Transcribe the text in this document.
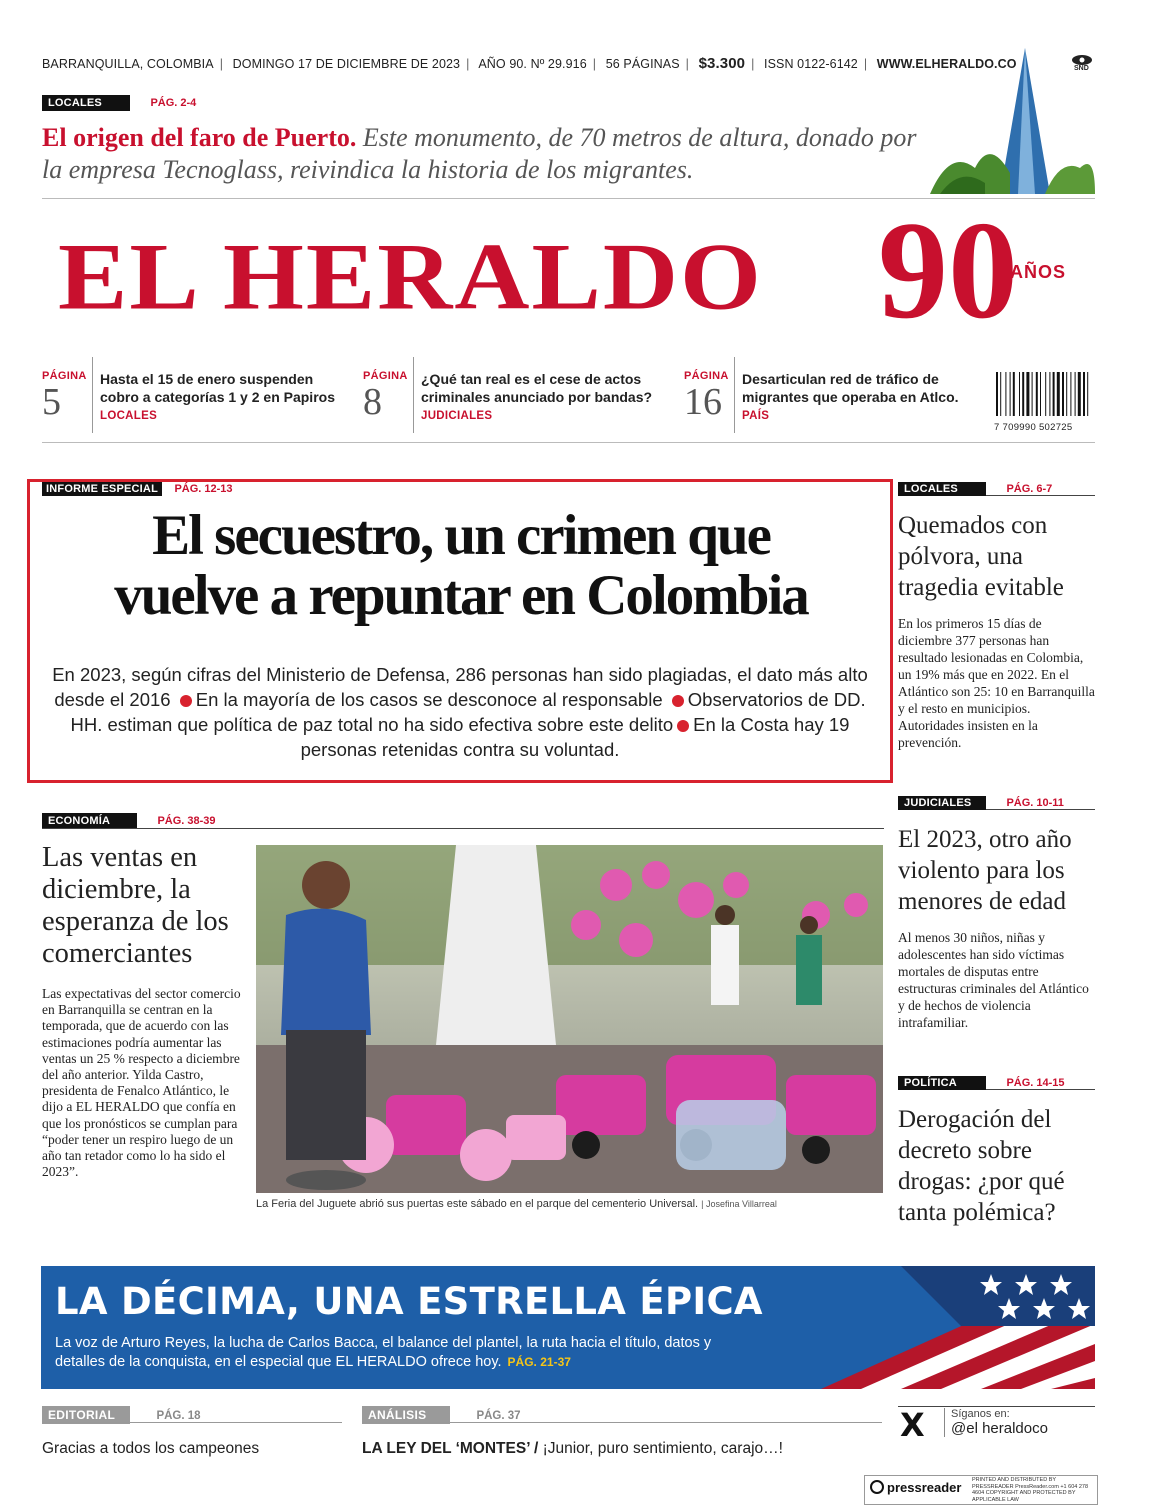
BARRANQUILLA, COLOMBIA | DOMINGO 17 DE DICIEMBRE DE 2023 | AÑO 90. Nº 29.916 | 56 PÁGINAS | $3.300 | ISSN 0122-6142 | WWW.ELHERALDO.CO	SND
LOCALES	PÁG. 2-4
El origen del faro de Puerto. Este monumento, de 70 metros de altura, donado por la empresa Tecnoglass, reivindica la historia de los migrantes.
EL HERALDO 90
AÑOS
PÁGINA
5
Hasta el 15 de enero suspenden cobro a categorías 1 y 2 en Papiros
LOCALES
PÁGINA
8
¿Qué tan real es el cese de actos criminales anunciado por bandas?
JUDICIALES
PÁGINA
16
Desarticulan red de tráfico de migrantes que operaba en Atlco.
PAÍS
7 709990 502725
INFORME ESPECIAL PÁG. 12-13
El secuestro, un crimen que
vuelve a repuntar en Colombia
En 2023, según cifras del Ministerio de Defensa, 286 personas han sido plagiadas, el dato más alto desde el 2016 En la mayoría de los casos se desconoce al responsable Observatorios de DD. HH. estiman que política de paz total no ha sido efectiva sobre este delito En la Costa hay 19 personas retenidas contra su voluntad.
LOCALES	PÁG. 6-7
Quemados con pólvora, una tragedia evitable
En los primeros 15 días de diciembre 377 personas han resultado lesionadas en Colombia, un 19% más que en 2022. En el Atlántico son 25: 10 en Barranquilla y el resto en municipios. Autoridades insisten en la prevención.
JUDICIALES	PÁG. 10-11
El 2023, otro año violento para los menores de edad
Al menos 30 niños, niñas y adolescentes han sido víctimas mortales de disputas entre estructuras criminales del Atlántico y de hechos de violencia intrafamiliar.
POLÍTICA	PÁG. 14-15
Derogación del decreto sobre drogas: ¿por qué tanta polémica?
ECONOMÍA	PÁG. 38-39
Las ventas en diciembre, la esperanza de los comerciantes
Las expectativas del sector comercio en Barranquilla se centran en la temporada, que de acuerdo con las estimaciones podría aumentar las ventas un 25 % respecto a diciembre del año anterior. Yilda Castro, presidenta de Fenalco Atlántico, le dijo a EL HERALDO que confía en que los pronósticos se cumplan para “poder tener un respiro luego de un año tan retador como lo ha sido el 2023”.
La Feria del Juguete abrió sus puertas este sábado en el parque del cementerio Universal. | Josefina Villarreal
LA DÉCIMA, UNA ESTRELLA ÉPICA
La voz de Arturo Reyes, la lucha de Carlos Bacca, el balance del plantel, la ruta hacia el título, datos y detalles de la conquista, en el especial que EL HERALDO ofrece hoy. PÁG. 21-37
EDITORIAL	PÁG. 18
Gracias a todos los campeones
ANÁLISIS	PÁG. 37
LA LEY DEL ‘MONTES’ / ¡Junior, puro sentimiento, carajo…!
X Síganos en:
@el heraldoco
pressreader PRINTED AND DISTRIBUTED BY PRESSREADER PressReader.com +1 604 278 4604 COPYRIGHT AND PROTECTED BY APPLICABLE LAW
